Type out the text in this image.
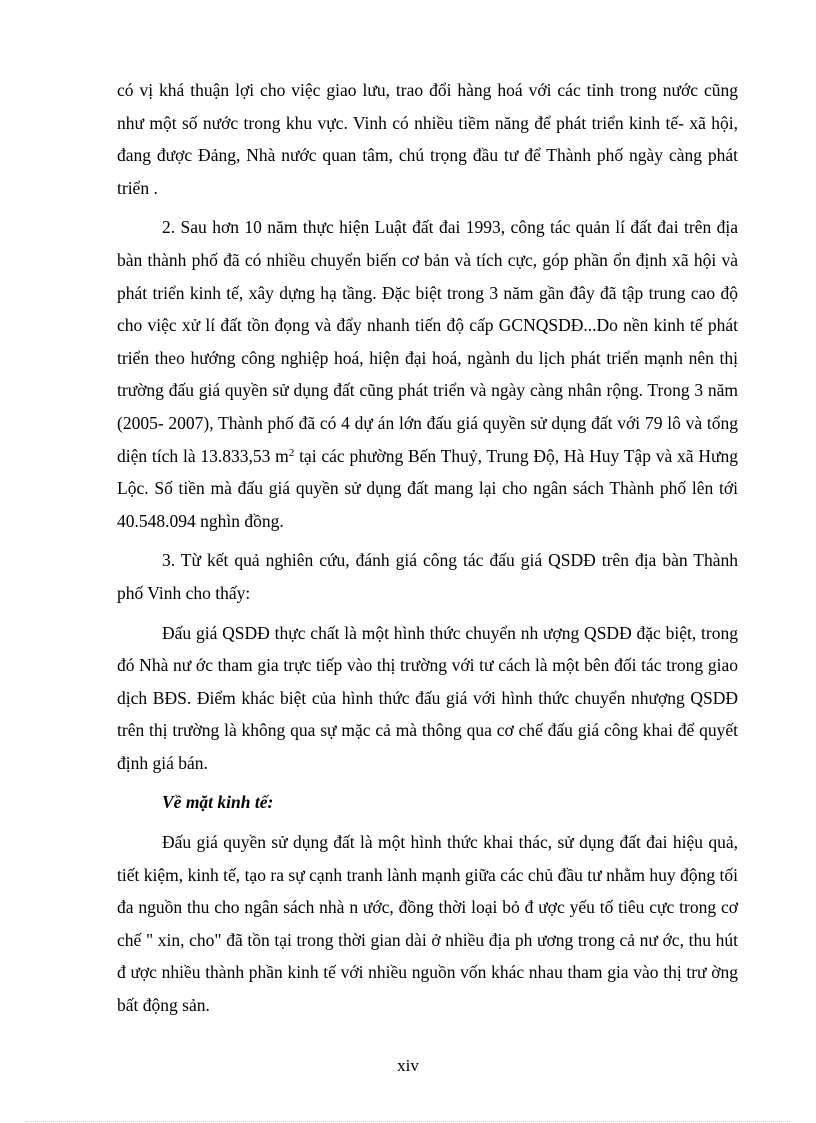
có vị khá thuận lợi cho việc giao lưu, trao đổi hàng hoá với các tỉnh trong nước cũng như một số nước trong khu vực. Vinh có nhiều tiềm năng để phát triển kinh tế- xã hội, đang được Đảng, Nhà nước quan tâm, chú trọng đầu tư để Thành phố ngày càng phát triển .

2. Sau hơn 10 năm thực hiện Luật đất đai 1993, công tác quản lí đất đai trên địa bàn thành phố đã có nhiều chuyển biến cơ bản và tích cực, góp phần ổn định xã hội và phát triển kinh tế, xây dựng hạ tầng. Đặc biệt trong 3 năm gần đây đã tập trung cao độ cho việc xử lí đất tồn đọng và đẩy nhanh tiến độ cấp GCNQSDĐ...Do nền kinh tế phát triển theo hướng công nghiệp hoá, hiện đại hoá, ngành du lịch phát triển mạnh nên thị trường đấu giá quyền sử dụng đất cũng phát triển và ngày càng nhân rộng. Trong 3 năm (2005- 2007), Thành phố đã có 4 dự án lớn đấu giá quyền sử dụng đất với 79 lô và tổng diện tích là 13.833,53 $m^2$ tại các phường Bến Thuỷ, Trung Độ, Hà Huy Tập và xã Hưng Lộc. Số tiền mà đấu giá quyền sử dụng đất mang lại cho ngân sách Thành phố lên tới 40.548.094 nghìn đồng.

3. Từ kết quả nghiên cứu, đánh giá công tác đấu giá QSDĐ trên địa bàn Thành phố Vinh cho thấy:

Đấu giá QSDĐ thực chất là một hình thức chuyển nh ượng QSDĐ đặc biệt, trong đó Nhà nư ớc tham gia trực tiếp vào thị trường với tư cách là một bên đối tác trong giao dịch BĐS. Điểm khác biệt của hình thức đấu giá với hình thức chuyển nhượng QSDĐ trên thị trường là không qua sự mặc cả mà thông qua cơ chế đấu giá công khai để quyết định giá bán.

Về mặt kinh tế:

Đấu giá quyền sử dụng đất là một hình thức khai thác, sử dụng đất đai hiệu quả, tiết kiệm, kinh tế, tạo ra sự cạnh tranh lành mạnh giữa các chủ đầu tư nhằm huy động tối đa nguồn thu cho ngân sách nhà n ước, đồng thời loại bỏ đ ược yếu tố tiêu cực trong cơ chế " xin, cho" đã tồn tại trong thời gian dài ở nhiều địa ph ương trong cả nư ớc, thu hút đ ược nhiều thành phần kinh tế với nhiều nguồn vốn khác nhau tham gia vào thị trư ờng bất động sản.

xiv
